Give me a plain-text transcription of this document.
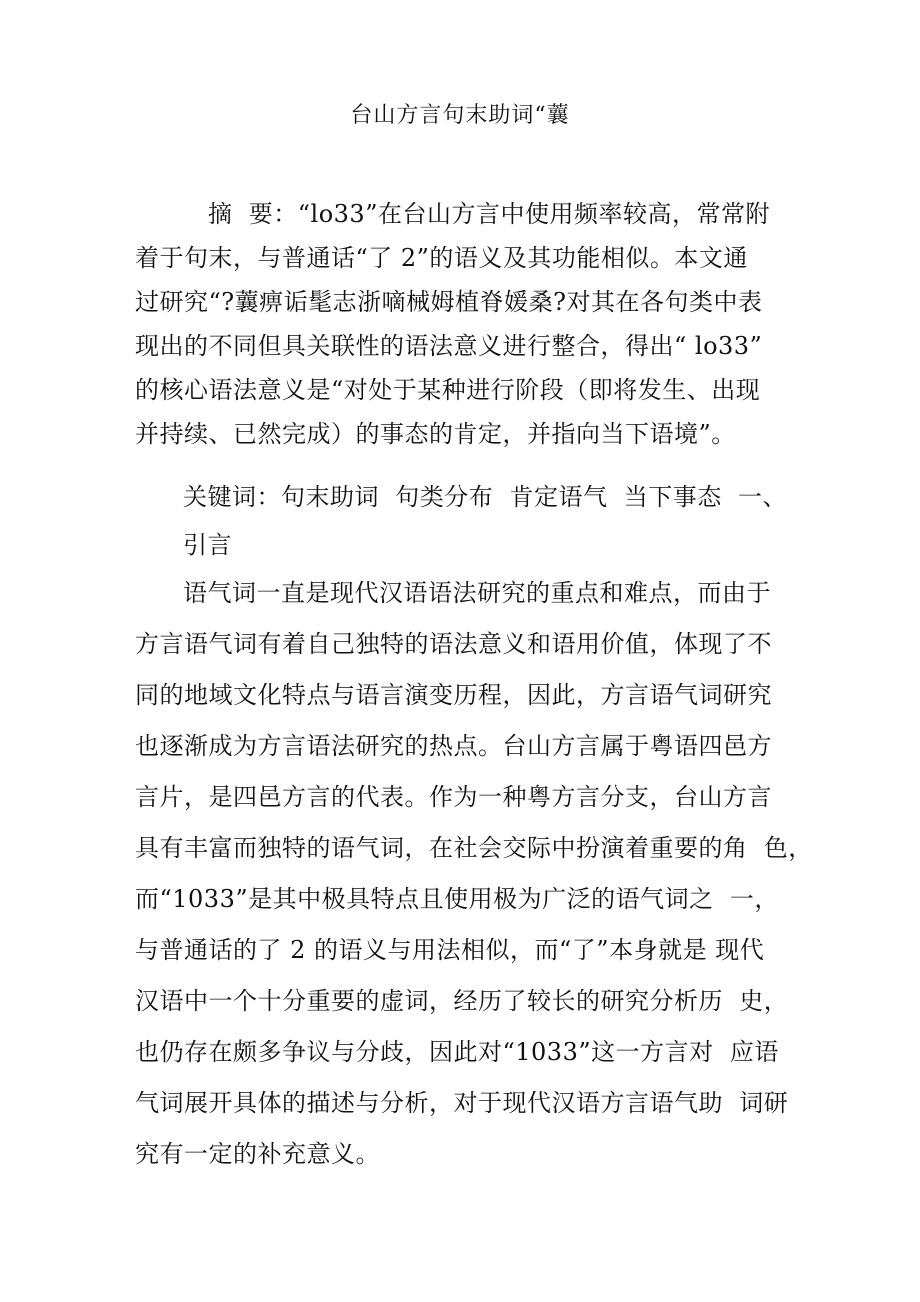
台山方言句末助词“蘘
摘  要：“lo33”在台山方言中使用频率较高，常常附
着于句末，与普通话“了 2”的语义及其功能相似。本文通
过研究“?蘘痹诟髦志浙嘀械姆植脊媛桑?对其在各句类中表
现出的不同但具关联性的语法意义进行整合，得出“ lo33”
的核心语法意义是“对处于某种进行阶段（即将发生、出现
并持续、已然完成）的事态的肯定，并指向当下语境”。
关键词：句末助词  句类分布  肯定语气  当下事态  一、
引言
语气词一直是现代汉语语法研究的重点和难点，而由于
方言语气词有着自己独特的语法意义和语用价值，体现了不
同的地域文化特点与语言演变历程，因此，方言语气词研究
也逐渐成为方言语法研究的热点。台山方言属于粤语四邑方
言片，是四邑方言的代表。作为一种粤方言分支，台山方言
具有丰富而独特的语气词，在社会交际中扮演着重要的角  色，
而“1033”是其中极具特点且使用极为广泛的语气词之  一，
与普通话的了 2 的语义与用法相似，而“了”本身就是 现代
汉语中一个十分重要的虚词，经历了较长的研究分析历  史，
也仍存在颇多争议与分歧，因此对“1033”这一方言对  应语
气词展开具体的描述与分析，对于现代汉语方言语气助  词研
究有一定的补充意义。
